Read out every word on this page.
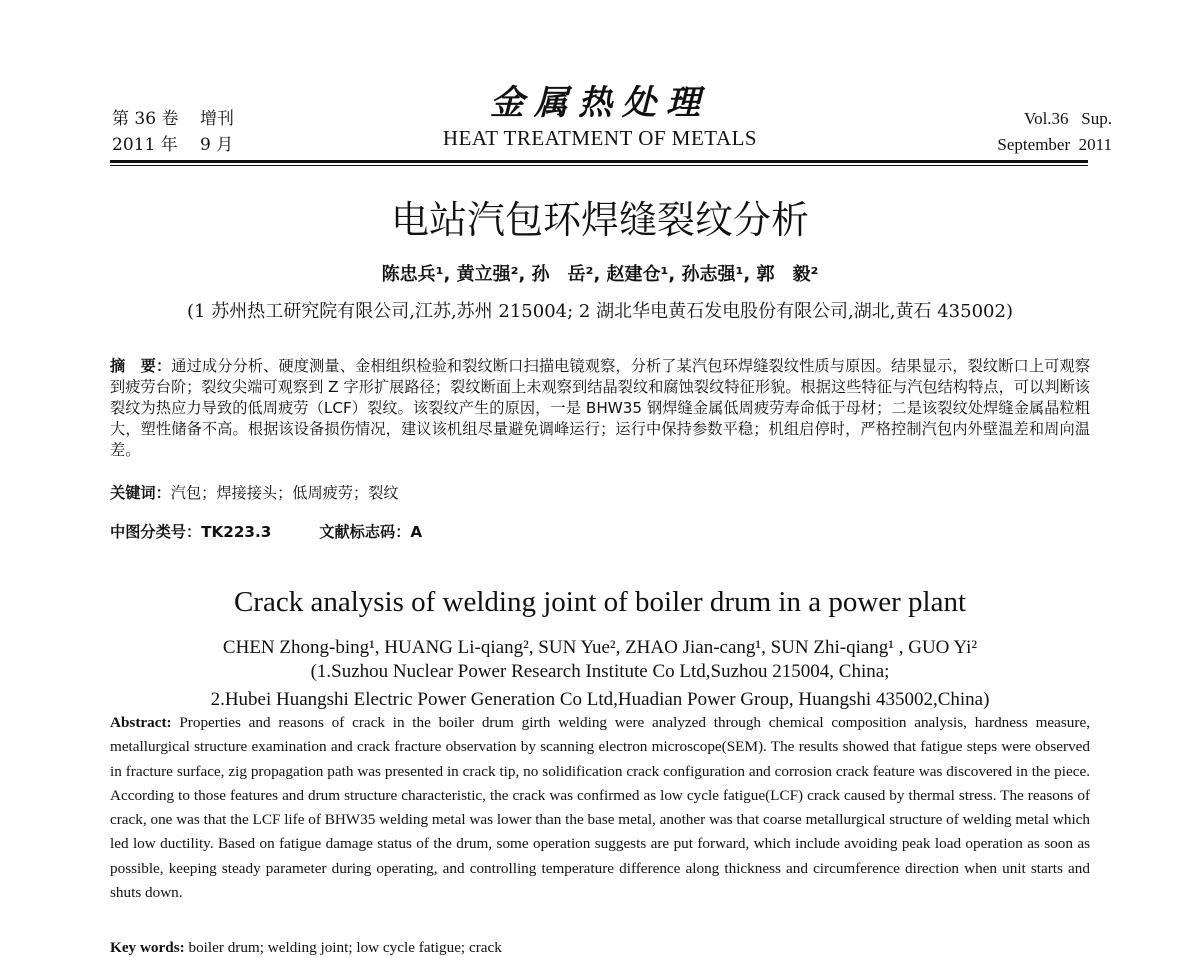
第 36 卷 增刊
2011 年 9 月
金属热处理
HEAT TREATMENT OF METALS
Vol.36   Sup.
September  2011
电站汽包环焊缝裂纹分析
陈忠兵¹, 黄立强², 孙　岳², 赵建仓¹, 孙志强¹, 郭　毅²
(1 苏州热工研究院有限公司,江苏,苏州 215004; 2 湖北华电黄石发电股份有限公司,湖北,黄石 435002)
摘　要：通过成分分析、硬度测量、金相组织检验和裂纹断口扫描电镜观察，分析了某汽包环焊缝裂纹性质与原因。结果显示，裂纹断口上可观察到疲劳台阶；裂纹尖端可观察到 Z 字形扩展路径；裂纹断面上未观察到结晶裂纹和腐蚀裂纹特征形貌。根据这些特征与汽包结构特点，可以判断该裂纹为热应力导致的低周疲劳（LCF）裂纹。该裂纹产生的原因，一是 BHW35 钢焊缝金属低周疲劳寿命低于母材；二是该裂纹处焊缝金属晶粒粗大，塑性储备不高。根据该设备损伤情况，建议该机组尽量避免调峰运行；运行中保持参数平稳；机组启停时，严格控制汽包内外壁温差和周向温差。
关键词：汽包；焊接接头；低周疲劳；裂纹
中图分类号：TK223.3	文献标志码：A
Crack analysis of welding joint of boiler drum in a power plant
CHEN Zhong-bing¹, HUANG Li-qiang², SUN Yue², ZHAO Jian-cang¹, SUN Zhi-qiang¹ , GUO Yi²
(1.Suzhou Nuclear Power Research Institute Co Ltd,Suzhou 215004, China;
2.Hubei Huangshi Electric Power Generation Co Ltd,Huadian Power Group, Huangshi 435002,China)
Abstract: Properties and reasons of crack in the boiler drum girth welding were analyzed through chemical composition analysis, hardness measure, metallurgical structure examination and crack fracture observation by scanning electron microscope(SEM). The results showed that fatigue steps were observed in fracture surface, zig propagation path was presented in crack tip, no solidification crack configuration and corrosion crack feature was discovered in the piece. According to those features and drum structure characteristic, the crack was confirmed as low cycle fatigue(LCF) crack caused by thermal stress. The reasons of crack, one was that the LCF life of BHW35 welding metal was lower than the base metal, another was that coarse metallurgical structure of welding metal which led low ductility. Based on fatigue damage status of the drum, some operation suggests are put forward, which include avoiding peak load operation as soon as possible, keeping steady parameter during operating, and controlling temperature difference along thickness and circumference direction when unit starts and shuts down.
Key words: boiler drum; welding joint; low cycle fatigue; crack
